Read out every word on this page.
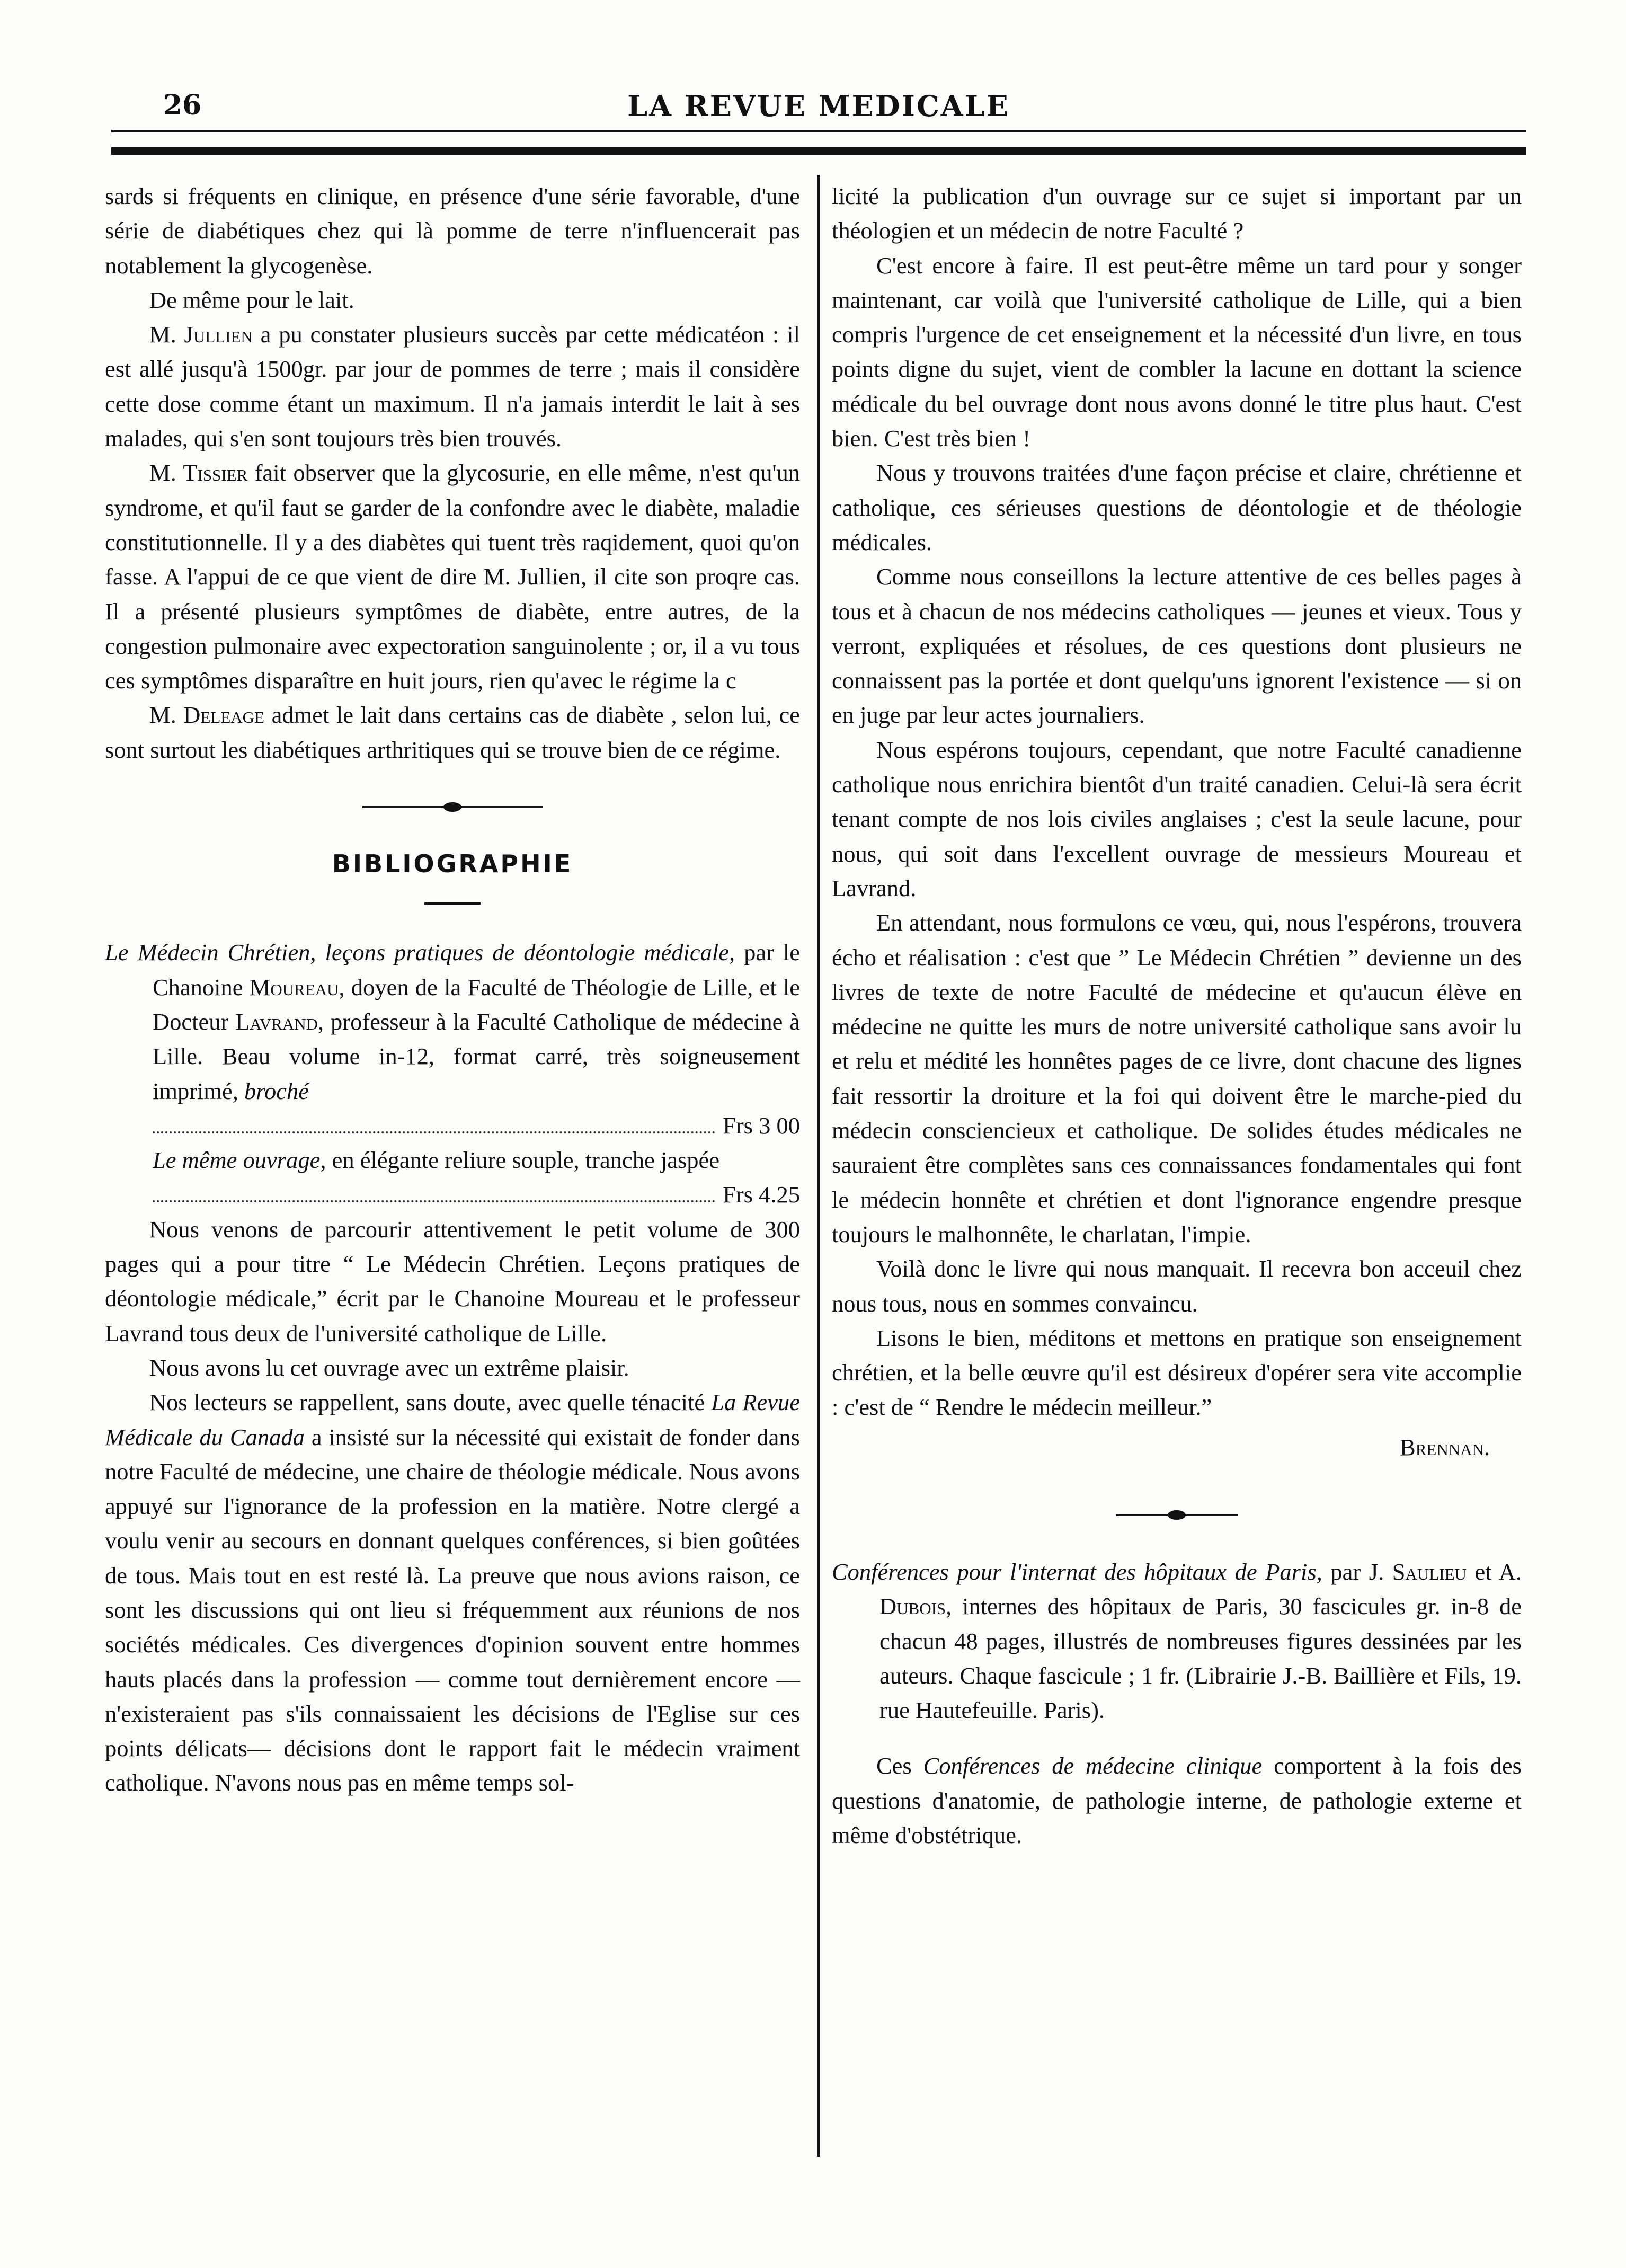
26	LA REVUE MEDICALE

sards si fréquents en clinique, en présence d'une série favorable, d'une série de diabétiques chez qui là pomme de terre n'influencerait pas notablement la glycogenèse.

De même pour le lait.

M. Jullien a pu constater plusieurs succès par cette médicatéon : il est allé jusqu'à 1500gr. par jour de pommes de terre ; mais il considère cette dose comme étant un maximum. Il n'a jamais interdit le lait à ses malades, qui s'en sont toujours très bien trouvés.

M. Tissier fait observer que la glycosurie, en elle même, n'est qu'un syndrome, et qu'il faut se garder de la confondre avec le diabète, maladie constitutionnelle. Il y a des diabètes qui tuent très raqidement, quoi qu'on fasse. A l'appui de ce que vient de dire M. Jullien, il cite son proqre cas. Il a présenté plusieurs symptômes de diabète, entre autres, de la congestion pulmonaire avec expectoration sanguinolente ; or, il a vu tous ces symptômes disparaître en huit jours, rien qu'avec le régime la c

M. Deleage admet le lait dans certains cas de diabète , selon lui, ce sont surtout les diabétiques arthritiques qui se trouve bien de ce régime.

BIBLIOGRAPHIE
Le Médecin Chrétien, leçons pratiques de déontologie médicale, par le Chanoine Moureau, doyen de la Faculté de Théologie de Lille, et le Docteur Lavrand, professeur à la Faculté Catholique de médecine à Lille. Beau volume in-12, format carré, très soigneusement imprimé, broché
Frs 3 00
Le même ouvrage, en élégante reliure souple, tranche jaspée
Frs 4.25

Nous venons de parcourir attentivement le petit volume de 300 pages qui a pour titre “ Le Médecin Chrétien. Leçons pratiques de déontologie médicale,” écrit par le Chanoine Moureau et le professeur Lavrand tous deux de l'université catholique de Lille.

Nous avons lu cet ouvrage avec un extrême plaisir.

Nos lecteurs se rappellent, sans doute, avec quelle ténacité La Revue Médicale du Canada a insisté sur la nécessité qui existait de fonder dans notre Faculté de médecine, une chaire de théologie médicale. Nous avons appuyé sur l'ignorance de la profession en la matière. Notre clergé a voulu venir au secours en donnant quelques conférences, si bien goûtées de tous. Mais tout en est resté là. La preuve que nous avions raison, ce sont les discussions qui ont lieu si fréquemment aux réunions de nos sociétés médicales. Ces divergences d'opinion souvent entre hommes hauts placés dans la profession — comme tout dernièrement encore — n'existeraient pas s'ils connaissaient les décisions de l'Eglise sur ces points délicats— décisions dont le rapport fait le médecin vraiment catholique. N'avons nous pas en même temps sol-

licité la publication d'un ouvrage sur ce sujet si important par un théologien et un médecin de notre Faculté ?

C'est encore à faire. Il est peut-être même un tard pour y songer maintenant, car voilà que l'université catholique de Lille, qui a bien compris l'urgence de cet enseignement et la nécessité d'un livre, en tous points digne du sujet, vient de combler la lacune en dottant la science médicale du bel ouvrage dont nous avons donné le titre plus haut. C'est bien. C'est très bien !

Nous y trouvons traitées d'une façon précise et claire, chrétienne et catholique, ces sérieuses questions de déontologie et de théologie médicales.

Comme nous conseillons la lecture attentive de ces belles pages à tous et à chacun de nos médecins catholiques — jeunes et vieux. Tous y verront, expliquées et résolues, de ces questions dont plusieurs ne connaissent pas la portée et dont quelqu'uns ignorent l'existence — si on en juge par leur actes journaliers.

Nous espérons toujours, cependant, que notre Faculté canadienne catholique nous enrichira bientôt d'un traité canadien. Celui-là sera écrit tenant compte de nos lois civiles anglaises ; c'est la seule lacune, pour nous, qui soit dans l'excellent ouvrage de messieurs Moureau et Lavrand.

En attendant, nous formulons ce vœu, qui, nous l'espérons, trouvera écho et réalisation : c'est que ” Le Médecin Chrétien ” devienne un des livres de texte de notre Faculté de médecine et qu'aucun élève en médecine ne quitte les murs de notre université catholique sans avoir lu et relu et médité les honnêtes pages de ce livre, dont chacune des lignes fait ressortir la droiture et la foi qui doivent être le marche-pied du médecin consciencieux et catholique. De solides études médicales ne sauraient être complètes sans ces connaissances fondamentales qui font le médecin honnête et chrétien et dont l'ignorance engendre presque toujours le malhonnête, le charlatan, l'impie.

Voilà donc le livre qui nous manquait. Il recevra bon acceuil chez nous tous, nous en sommes convaincu.

Lisons le bien, méditons et mettons en pratique son enseignement chrétien, et la belle œuvre qu'il est désireux d'opérer sera vite accomplie : c'est de “ Rendre le médecin meilleur.”

Brennan.
Conférences pour l'internat des hôpitaux de Paris, par J. Saulieu et A. Dubois, internes des hôpitaux de Paris, 30 fascicules gr. in-8 de chacun 48 pages, illustrés de nombreuses figures dessinées par les auteurs. Chaque fascicule ; 1 fr. (Librairie J.-B. Baillière et Fils, 19. rue Hautefeuille. Paris).

Ces Conférences de médecine clinique comportent à la fois des questions d'anatomie, de pathologie interne, de pathologie externe et même d'obstétrique.
